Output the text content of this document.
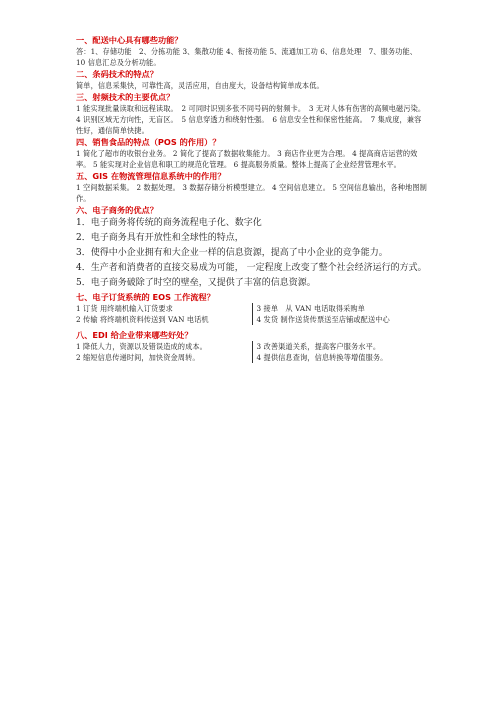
一、配送中心具有哪些功能？

答：1、存储功能　2、分拣功能 3、集散功能 4、衔接功能 5、流通加工功 6、信息处理　7、服务功能、 10 信息汇总及分析功能。

二、条码技术的特点？

简单，信息采集快，可靠性高，灵活应用，自由度大，设备结构简单成本低。

三、射频技术的主要优点？

1 能实现批量读取和远程读取。　2 可同时识别多张不同号码的射频卡。　3 无对人体有伤害的高频电磁污染。　4 识别区域无方向性，无盲区。　5 信息穿透力和绕射性强。　6 信息安全性和保密性能高。　7 集成度，兼容性好，通信简单快捷。

四、销售食品的特点（POS 的作用）？

1 简化了超市的收银台业务。 2 简化了提高了数据收集能力。 3 商店作业更为合理。 4 提高商店运营的效率。 5 能实现对企业信息和职工的规范化管理。 6 提高服务质量。整体上提高了企业经营管理水平。

五、GIS 在物流管理信息系统中的作用？

1 空间数据采集。 2 数据处理。 3 数据存储分析模型建立。 4 空间信息建立。 5 空间信息输出，各种地图制作。

六、电子商务的优点？

1．电子商务将传统的商务流程电子化、数字化

2．电子商务具有开放性和全球性的特点，

3．使得中小企业拥有和大企业一样的信息资源，提高了中小企业的竞争能力。

4．生产者和消费者的直接交易成为可能， 一定程度上改变了整个社会经济运行的方式。

5．电子商务破除了时空的壁垒，又提供了丰富的信息资源。

七、电子订货系统的 EOS 工作流程？

1 订货 用终端机输入订货要求

2 传输 将终端机资料传送到 VAN 电话机

3 接单　从 VAN 电话取得采购单

4 发货 制作送货传票送至店铺或配送中心

八、EDI 给企业带来哪些好处？

1 降低人力，资源以及错误造成的成本。

2 缩短信息传递时间，加快资金周转。

3 改善渠道关系，提高客户服务水平。

4 提供信息查询，信息转换等增值服务。
